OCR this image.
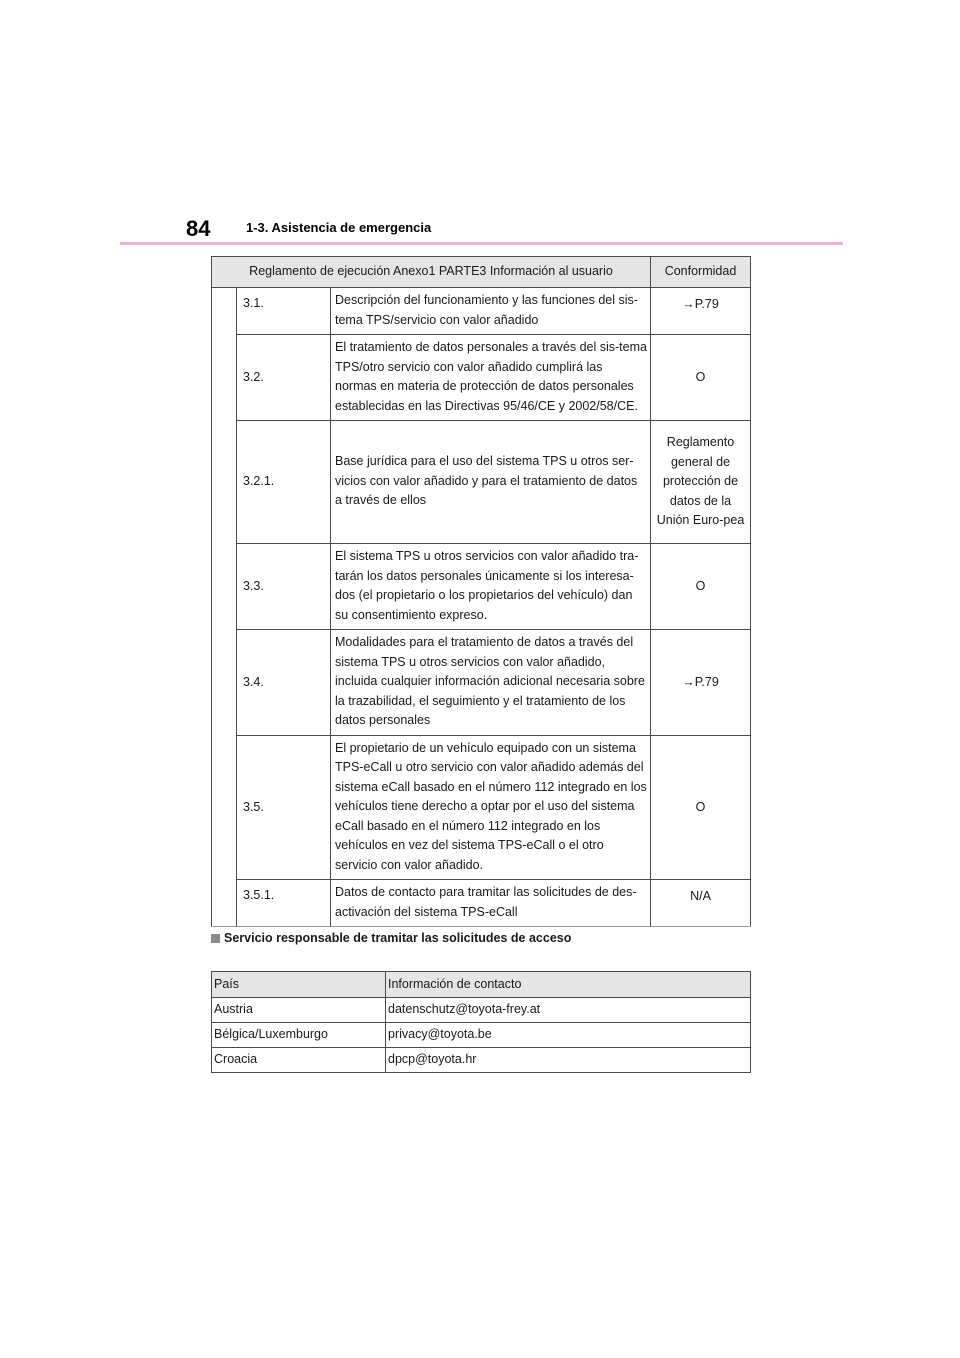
84	1-3. Asistencia de emergencia
Reglamento de ejecución Anexo1 PARTE3 Información al usuario			Conformidad
	3.1.	Descripción del funcionamiento y las funciones del sis-tema TPS/servicio con valor añadido	→P.79
	3.2.	El tratamiento de datos personales a través del sis-tema TPS/otro servicio con valor añadido cumplirá las normas en materia de protección de datos personales establecidas en las Directivas 95/46/CE y 2002/58/CE.	O
	3.2.1.	Base jurídica para el uso del sistema TPS u otros ser-vicios con valor añadido y para el tratamiento de datos a través de ellos	Reglamento general de protección de datos de la Unión Euro-pea
	3.3.	El sistema TPS u otros servicios con valor añadido tra-tarán los datos personales únicamente si los interesa-dos (el propietario o los propietarios del vehículo) dan su consentimiento expreso.	O
	3.4.	Modalidades para el tratamiento de datos a través del sistema TPS u otros servicios con valor añadido, incluida cualquier información adicional necesaria sobre la trazabilidad, el seguimiento y el tratamiento de los datos personales	→P.79
	3.5.	El propietario de un vehículo equipado con un sistema TPS-eCall u otro servicio con valor añadido además del sistema eCall basado en el número 112 integrado en los vehículos tiene derecho a optar por el uso del sistema eCall basado en el número 112 integrado en los vehículos en vez del sistema TPS-eCall o el otro servicio con valor añadido.	O
	3.5.1.	Datos de contacto para tramitar las solicitudes de des-activación del sistema TPS-eCall	N/A
Servicio responsable de tramitar las solicitudes de acceso
País	Información de contacto
Austria	datenschutz@toyota-frey.at
Bélgica/Luxemburgo	privacy@toyota.be
Croacia	dpcp@toyota.hr
